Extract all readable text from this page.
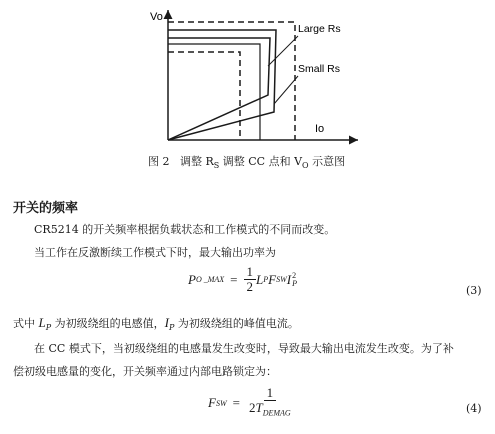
Vo
Io
Large Rs
Small Rs
图 2 调整 $R_S$ 调整 CC 点和 $V_O$ 示意图
开关的频率
CR5214 的开关频率根据负载状态和工作模式的不同而改变。
当工作在反激断续工作模式下时，最大输出功率为
P O _MAX = $\frac{1}{2}$ L P F SW I 2
P
(3)
式中 $L_P$ 为初级绕组的电感值，$I_P$ 为初级绕组的峰值电流。
在 CC 模式下，当初级绕组的电感量发生改变时，导致最大输出电流发生改变。为了补
偿初级电感量的变化，开关频率通过内部电路锁定为：
F SW = $\frac{1}{2T_{DEMAG}}$	(4)
